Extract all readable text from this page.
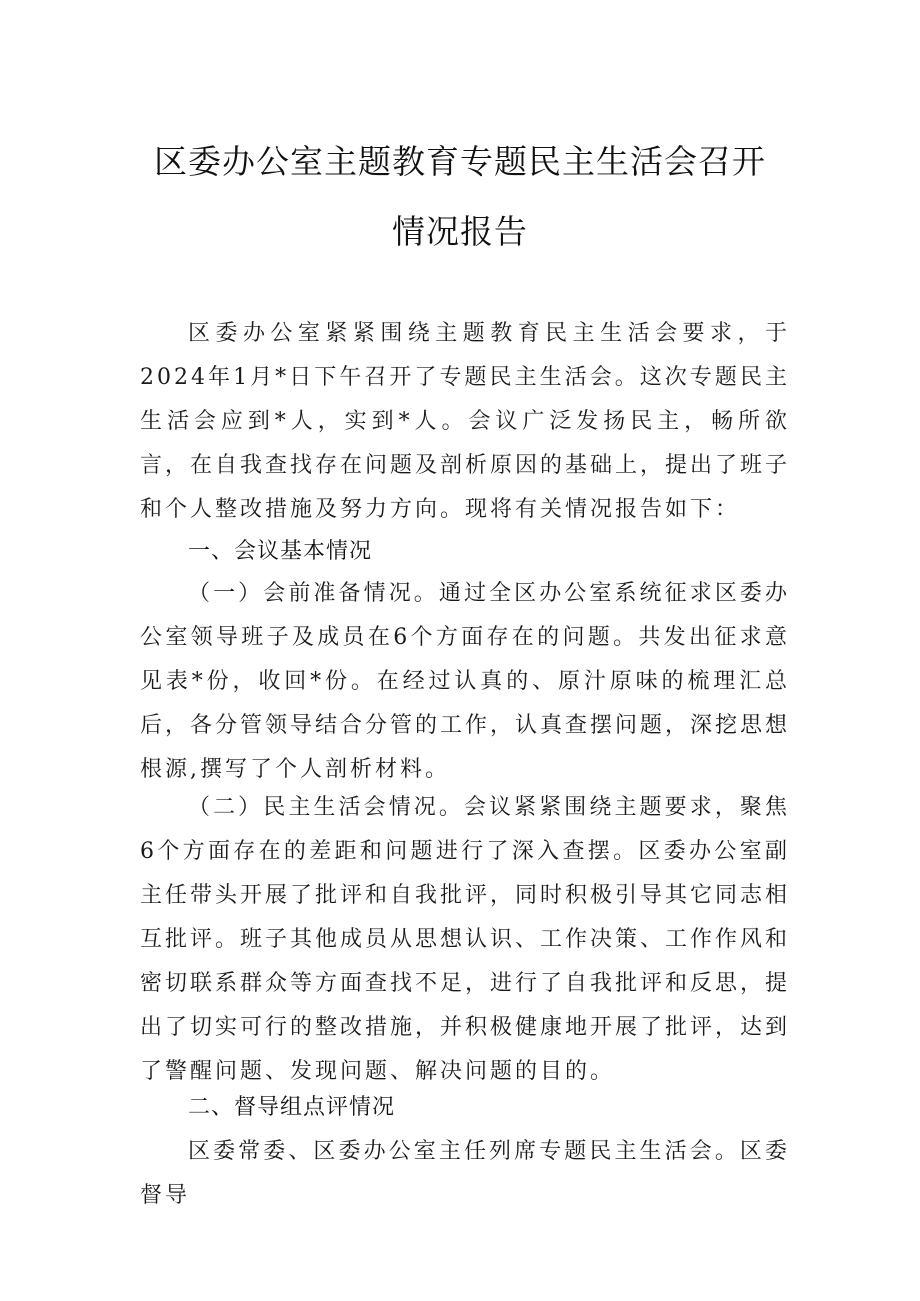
区委办公室主题教育专题民主生活会召开
情况报告

区委办公室紧紧围绕主题教育民主生活会要求，于2024年1月*日下午召开了专题民主生活会。这次专题民主生活会应到*人，实到*人。会议广泛发扬民主，畅所欲言，在自我查找存在问题及剖析原因的基础上，提出了班子和个人整改措施及努力方向。现将有关情况报告如下：

一、会议基本情况

（一）会前准备情况。通过全区办公室系统征求区委办公室领导班子及成员在6个方面存在的问题。共发出征求意见表*份，收回*份。在经过认真的、原汁原味的梳理汇总后，各分管领导结合分管的工作，认真查摆问题，深挖思想根源,撰写了个人剖析材料。

（二）民主生活会情况。会议紧紧围绕主题要求，聚焦6个方面存在的差距和问题进行了深入查摆。区委办公室副主任带头开展了批评和自我批评，同时积极引导其它同志相互批评。班子其他成员从思想认识、工作决策、工作作风和密切联系群众等方面查找不足，进行了自我批评和反思，提出了切实可行的整改措施，并积极健康地开展了批评，达到了警醒问题、发现问题、解决问题的目的。

二、督导组点评情况

区委常委、区委办公室主任列席专题民主生活会。区委督导
